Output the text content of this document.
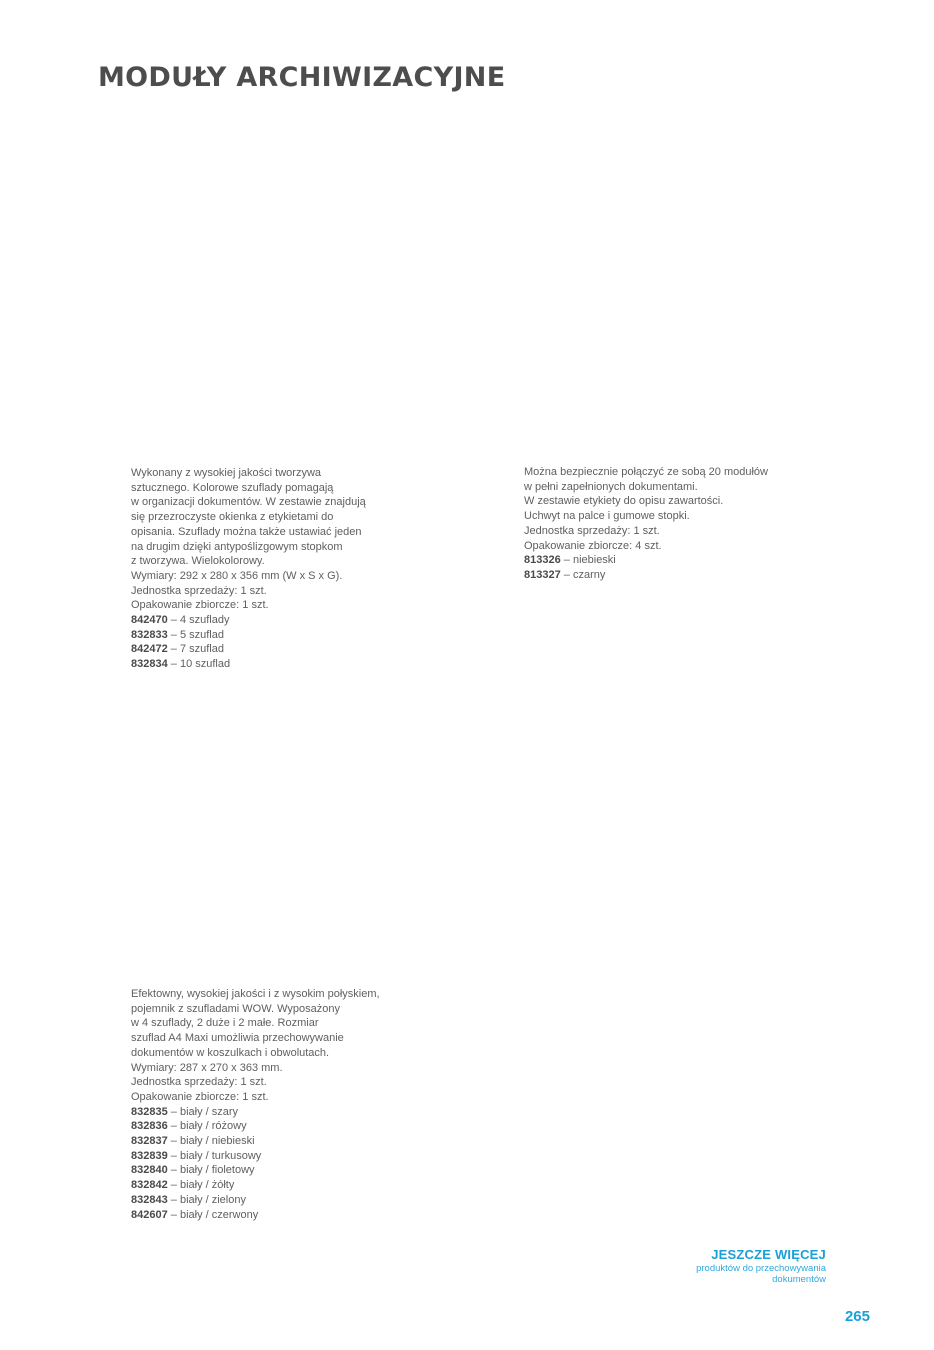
MODUŁY ARCHIWIZACYJNE

Wykonany z wysokiej jakości tworzywa

sztucznego. Kolorowe szuflady pomagają

w organizacji dokumentów. W zestawie znajdują

się przezroczyste okienka z etykietami do

opisania. Szuflady można także ustawiać jeden

na drugim dzięki antypoślizgowym stopkom

z tworzywa. Wielokolorowy.

Wymiary: 292 x 280 x 356 mm (W x S x G).

Jednostka sprzedaży: 1 szt.

Opakowanie zbiorcze: 1 szt.

842470 – 4 szuflady

832833 – 5 szuflad

842472 – 7 szuflad

832834 – 10 szuflad

Można bezpiecznie połączyć ze sobą 20 modułów

w pełni zapełnionych dokumentami.

W zestawie etykiety do opisu zawartości.

Uchwyt na palce i gumowe stopki.

Jednostka sprzedaży: 1 szt.

Opakowanie zbiorcze: 4 szt.

813326 – niebieski

813327 – czarny

Efektowny, wysokiej jakości i z wysokim połyskiem,

pojemnik z szufladami WOW. Wyposażony

w 4 szuflady, 2 duże i 2 małe. Rozmiar

szuflad A4 Maxi umożliwia przechowywanie

dokumentów w koszulkach i obwolutach.

Wymiary: 287 x 270 x 363 mm.

Jednostka sprzedaży: 1 szt.

Opakowanie zbiorcze: 1 szt.

832835 – biały / szary

832836 – biały / różowy

832837 – biały / niebieski

832839 – biały / turkusowy

832840 – biały / fioletowy

832842 – biały / żółty

832843 – biały / zielony

842607 – biały / czerwony

JESZCZE WIĘCEJ
produktów do przechowywania
dokumentów
265
